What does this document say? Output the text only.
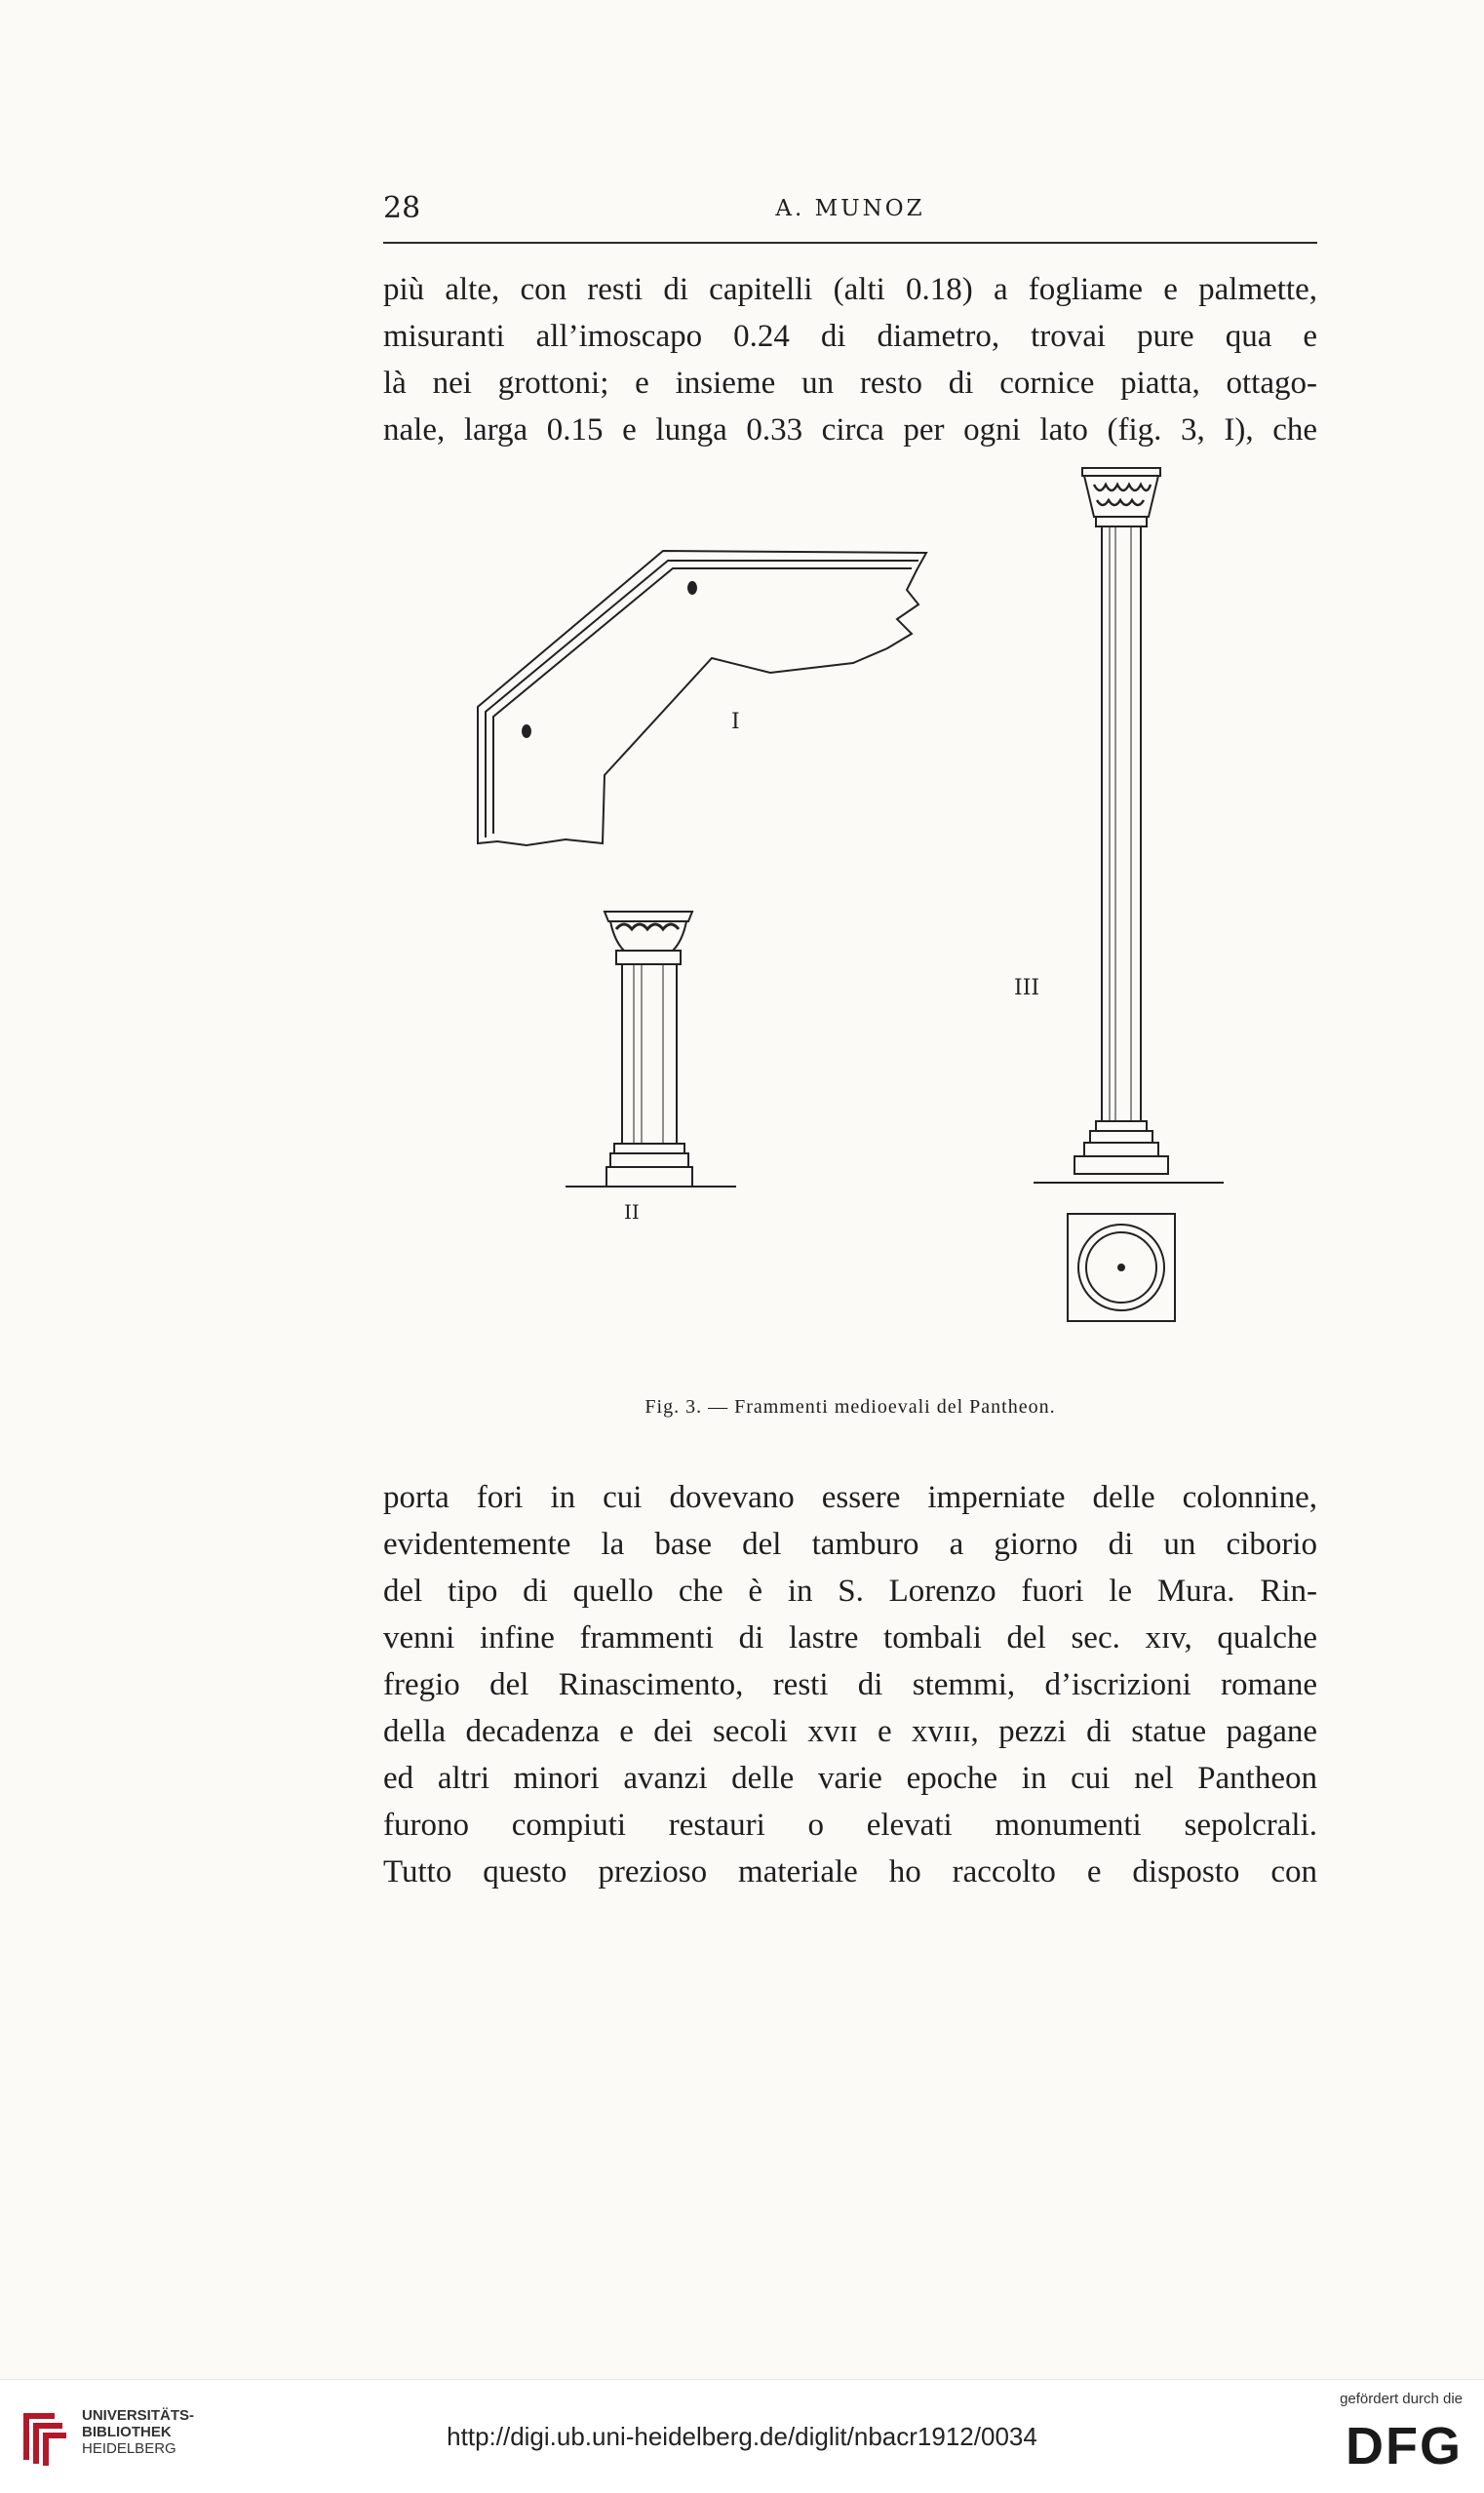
28	A. MUNOZ
più alte, con resti di capitelli (alti 0.18) a fogliame e palmette,
misuranti all’imoscapo 0.24 di diametro, trovai pure qua e
là nei grottoni; e insieme un resto di cornice piatta, ottago-
nale, larga 0.15 e lunga 0.33 circa per ogni lato (fig. 3, I), che
I
II
III
Fig. 3. — Frammenti medioevali del Pantheon.
porta fori in cui dovevano essere imperniate delle colonnine,
evidentemente la base del tamburo a giorno di un ciborio
del tipo di quello che è in S. Lorenzo fuori le Mura. Rin-
venni infine frammenti di lastre tombali del sec. xɪv, qualche
fregio del Rinascimento, resti di stemmi, d’iscrizioni romane
della decadenza e dei secoli xᴠɪɪ e xᴠɪɪɪ, pezzi di statue pagane
ed altri minori avanzi delle varie epoche in cui nel Pantheon
furono compiuti restauri o elevati monumenti sepolcrali.
Tutto questo prezioso materiale ho raccolto e disposto con
UNIVERSITÄTS-
BIBLIOTHEK
HEIDELBERG	http://digi.ub.uni-heidelberg.de/diglit/nbacr1912/0034
gefördert durch die
DFG
